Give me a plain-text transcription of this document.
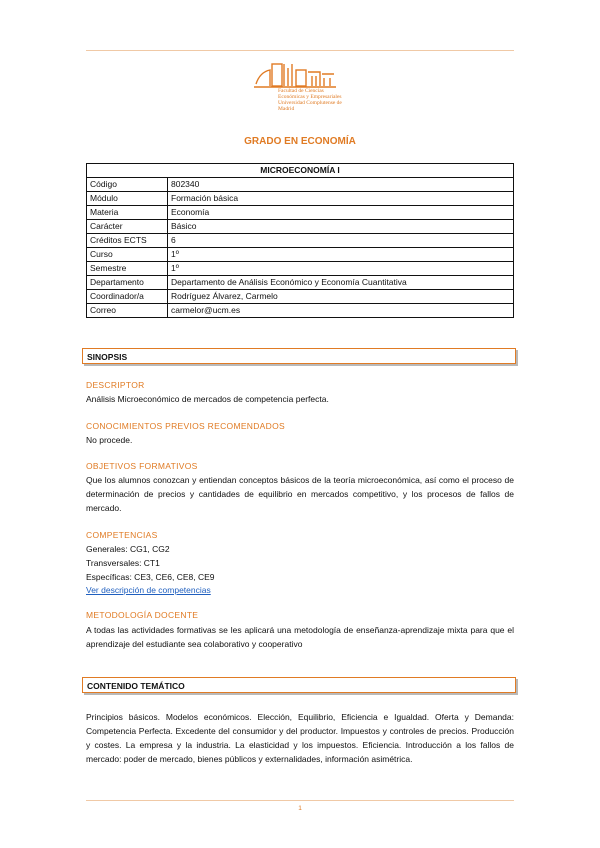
Facultad de Ciencias Económicas y Empresariales Universidad Complutense de Madrid
GRADO EN ECONOMÍA
MICROECONOMÍA I	
Código	802340
Módulo	Formación básica
Materia	Economía
Carácter	Básico
Créditos ECTS	6
Curso	1º
Semestre	1º
Departamento	Departamento de Análisis Económico y Economía Cuantitativa
Coordinador/a	Rodríguez Álvarez, Carmelo
Correo	carmelor@ucm.es
SINOPSIS
DESCRIPTOR
Análisis Microeconómico de mercados de competencia perfecta.
CONOCIMIENTOS PREVIOS RECOMENDADOS
No procede.
OBJETIVOS FORMATIVOS
Que los alumnos conozcan y entiendan conceptos básicos de la teoría microeconómica, así como el proceso de determinación de precios y cantidades de equilibrio en mercados competitivo, y los procesos de fallos de mercado.
COMPETENCIAS
Generales: CG1, CG2
Transversales: CT1
Específicas: CE3, CE6, CE8, CE9
Ver descripción de competencias
METODOLOGÍA DOCENTE
A todas las actividades formativas se les aplicará una metodología de enseñanza-aprendizaje mixta para que el aprendizaje del estudiante sea colaborativo y cooperativo
CONTENIDO TEMÁTICO
Principios básicos. Modelos económicos. Elección, Equilibrio, Eficiencia e Igualdad. Oferta y Demanda: Competencia Perfecta. Excedente del consumidor y del productor. Impuestos y controles de precios. Producción y costes. La empresa y la industria. La elasticidad y los impuestos. Eficiencia. Introducción a los fallos de mercado: poder de mercado, bienes públicos y externalidades, información asimétrica.
1
